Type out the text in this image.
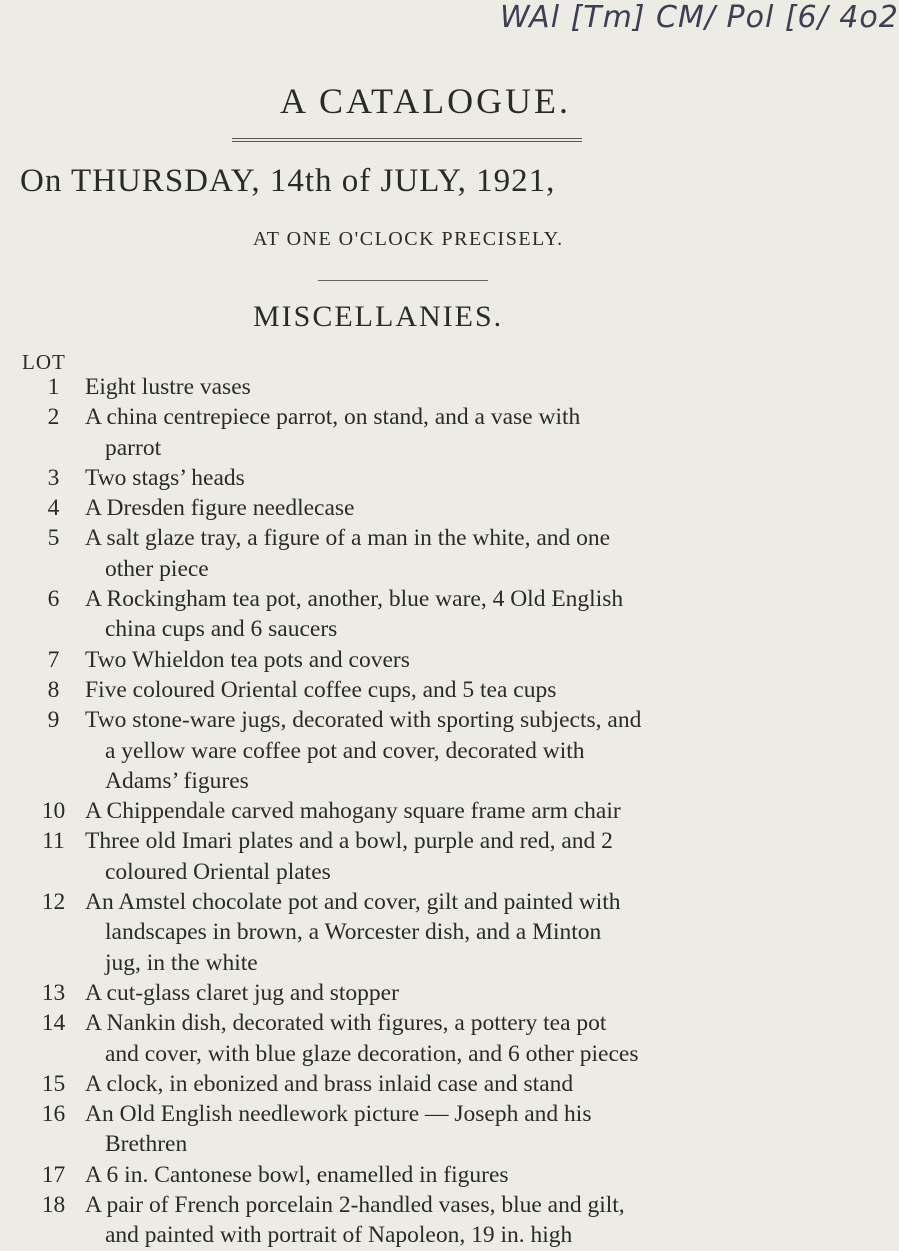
WAl [Tm] CM/ Pol [6/ 4o2
A CATALOGUE.
On THURSDAY, 14th of JULY, 1921,
AT ONE O'CLOCK PRECISELY.
MISCELLANIES.
LOT
1	Eight lustre vases
2	A china centrepiece parrot, on stand, and a vase with
parrot
3	Two stags’ heads
4	A Dresden figure needlecase
5	A salt glaze tray, a figure of a man in the white, and one
other piece
6	A Rockingham tea pot, another, blue ware, 4 Old English
china cups and 6 saucers
7	Two Whieldon tea pots and covers
8	Five coloured Oriental coffee cups, and 5 tea cups
9	Two stone-ware jugs, decorated with sporting subjects, and
a yellow ware coffee pot and cover, decorated with
Adams’ figures
10 A Chippendale carved mahogany square frame arm chair
11 Three old Imari plates and a bowl, purple and red, and 2
coloured Oriental plates
12 An Amstel chocolate pot and cover, gilt and painted with
landscapes in brown, a Worcester dish, and a Minton
jug, in the white
13 A cut-glass claret jug and stopper
14 A Nankin dish, decorated with figures, a pottery tea pot
and cover, with blue glaze decoration, and 6 other pieces
15 A clock, in ebonized and brass inlaid case and stand
16 An Old English needlework picture — Joseph and his
Brethren
17 A 6 in. Cantonese bowl, enamelled in figures
18 A pair of French porcelain 2-handled vases, blue and gilt,
and painted with portrait of Napoleon, 19 in. high
